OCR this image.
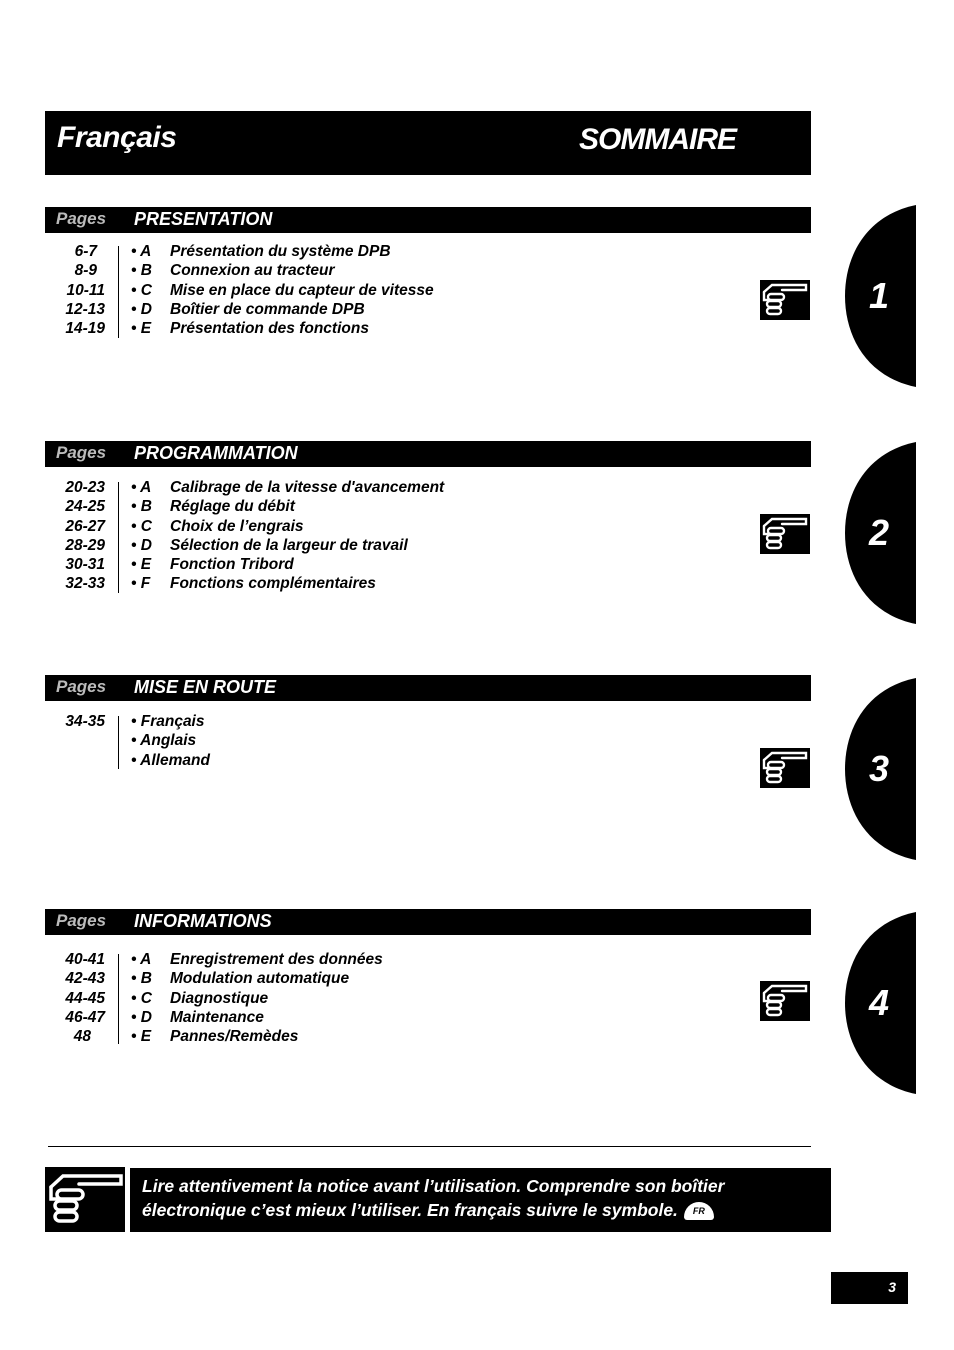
Français	SOMMAIRE
Pages PRESENTATION
6-7 • A Présentation du système DPB
8-9 • B Connexion au tracteur
10-11 • C Mise en place du capteur de vitesse
12-13 • D Boîtier de commande DPB
14-19 • E Présentation des fonctions
1
Pages PROGRAMMATION
20-23 • A Calibrage de la vitesse d'avancement
24-25 • B Réglage du débit
26-27 • C Choix de l’engrais
28-29 • D Sélection de la largeur de travail
30-31 • E Fonction Tribord
32-33 • F Fonctions complémentaires
2
Pages MISE EN ROUTE
34-35 • Français
• Anglais
• Allemand	3
Pages INFORMATIONS
40-41 • A Enregistrement des données
42-43 • B Modulation automatique
44-45 • C Diagnostique
46-47 • D Maintenance
48	• E Pannes/Remèdes
4
Lire attentivement la notice avant l’utilisation. Comprendre son boîtier
électronique c’est mieux l’utiliser. En français suivre le symbole. FR
3
